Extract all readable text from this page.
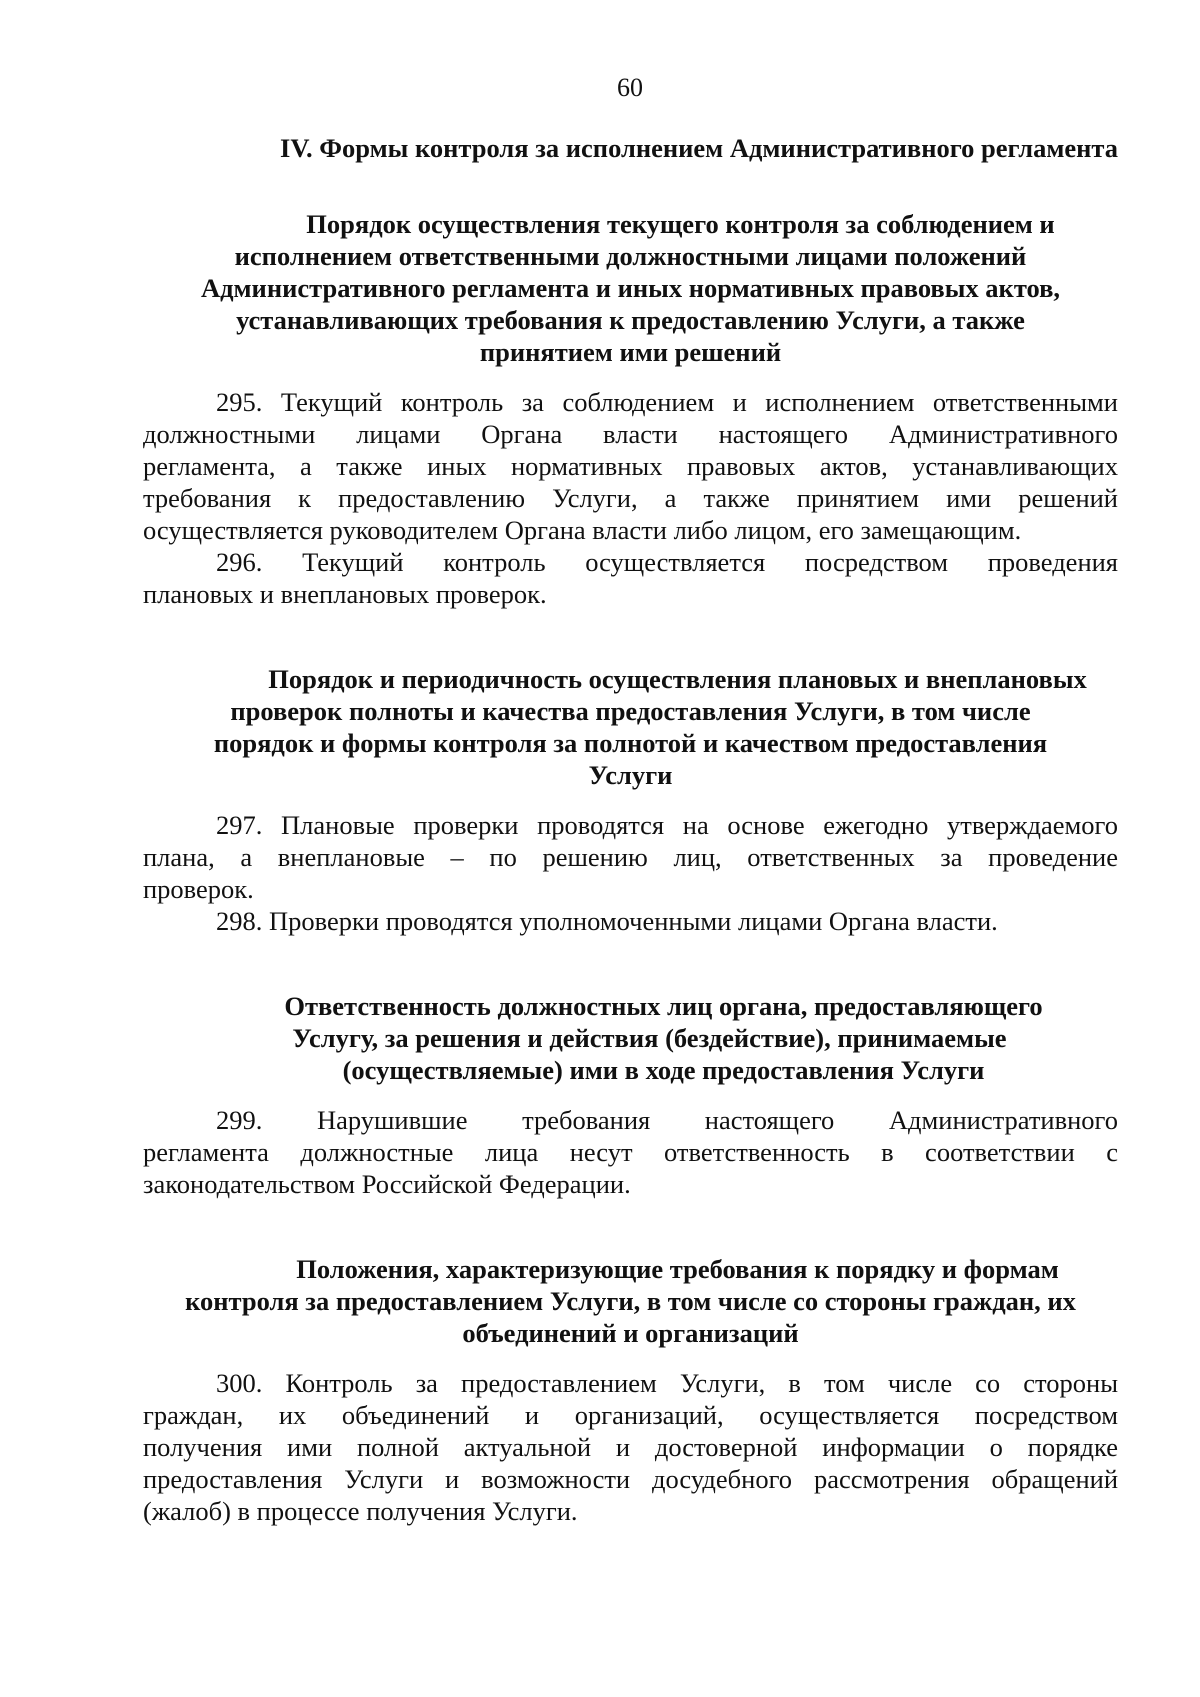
60
IV. Формы контроля за исполнением Административного регламента
Порядок осуществления текущего контроля за соблюдением и
исполнением ответственными должностными лицами положений
Административного регламента и иных нормативных правовых актов,
устанавливающих требования к предоставлению Услуги, а также
принятием ими решений
295. Текущий контроль за соблюдением и исполнением ответственными
должностными лицами Органа власти настоящего Административного
регламента, а также иных нормативных правовых актов, устанавливающих
требования к предоставлению Услуги, а также принятием ими решений
осуществляется руководителем Органа власти либо лицом, его замещающим.
296. Текущий контроль осуществляется посредством проведения
плановых и внеплановых проверок.
Порядок и периодичность осуществления плановых и внеплановых
проверок полноты и качества предоставления Услуги, в том числе
порядок и формы контроля за полнотой и качеством предоставления
Услуги
297. Плановые проверки проводятся на основе ежегодно утверждаемого
плана, а внеплановые – по решению лиц, ответственных за проведение
проверок.
298. Проверки проводятся уполномоченными лицами Органа власти.
Ответственность должностных лиц органа, предоставляющего
Услугу, за решения и действия (бездействие), принимаемые
(осуществляемые) ими в ходе предоставления Услуги
299. Нарушившие требования настоящего Административного
регламента должностные лица несут ответственность в соответствии с
законодательством Российской Федерации.
Положения, характеризующие требования к порядку и формам
контроля за предоставлением Услуги, в том числе со стороны граждан, их
объединений и организаций
300. Контроль за предоставлением Услуги, в том числе со стороны
граждан, их объединений и организаций, осуществляется посредством
получения ими полной актуальной и достоверной информации о порядке
предоставления Услуги и возможности досудебного рассмотрения обращений
(жалоб) в процессе получения Услуги.
